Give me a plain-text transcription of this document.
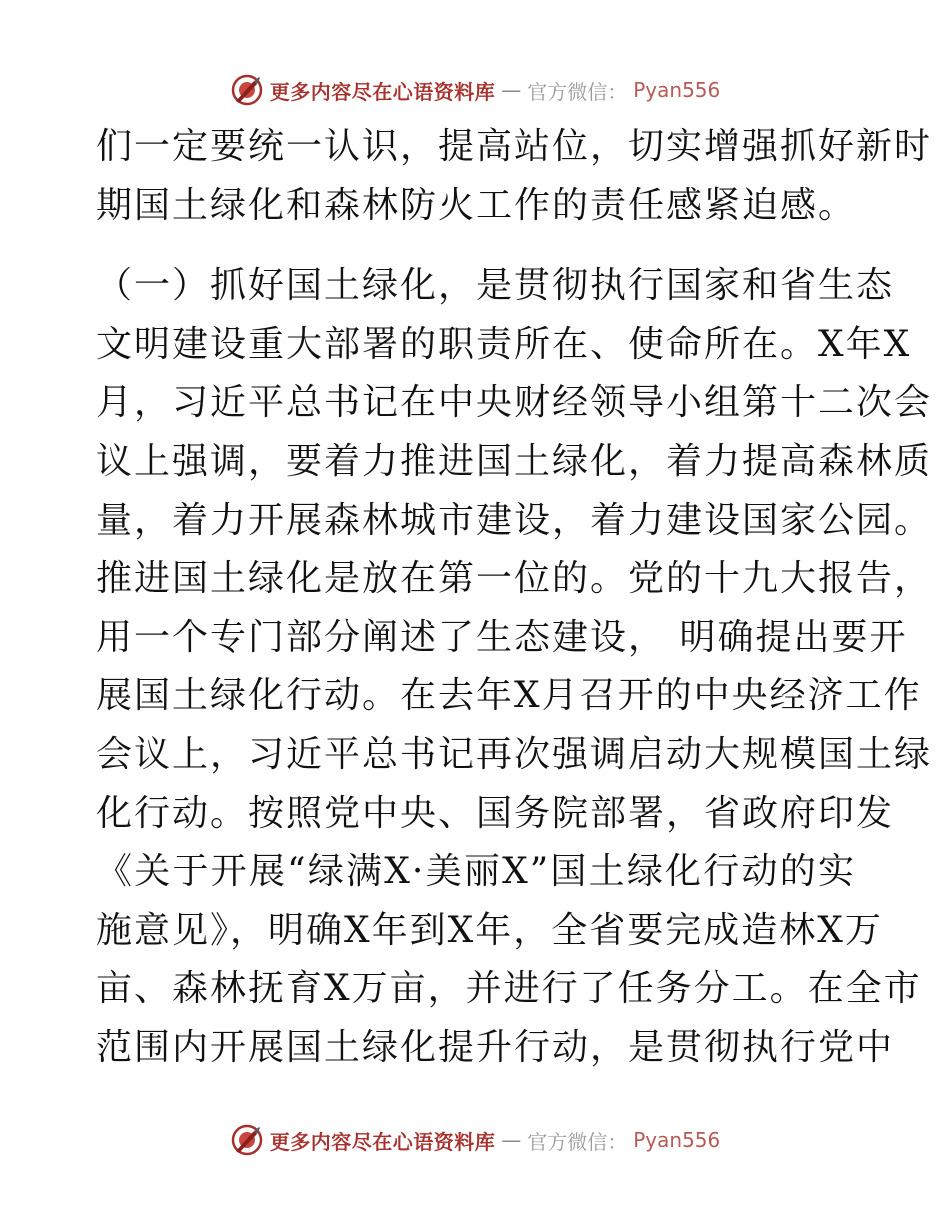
更多内容尽在心语资料库 — 官方微信： Pyan556
们一定要统一认识，提高站位，切实增强抓好新时
期国土绿化和森林防火工作的责任感紧迫感。
（一）抓好国土绿化，是贯彻执行国家和省生态
文明建设重大部署的职责所在、使命所在。X年X
月，习近平总书记在中央财经领导小组第十二次会
议上强调，要着力推进国土绿化，着力提高森林质
量，着力开展森林城市建设，着力建设国家公园。
推进国土绿化是放在第一位的。党的十九大报告，
用一个专门部分阐述了生态建设， 明确提出要开
展国土绿化行动。在去年X月召开的中央经济工作
会议上，习近平总书记再次强调启动大规模国土绿
化行动。按照党中央、国务院部署，省政府印发
《关于开展“绿满X·美丽X”国土绿化行动的实
施意见》，明确X年到X年，全省要完成造林X万
亩、森林抚育X万亩，并进行了任务分工。在全市
范围内开展国土绿化提升行动，是贯彻执行党中
更多内容尽在心语资料库 — 官方微信： Pyan556
